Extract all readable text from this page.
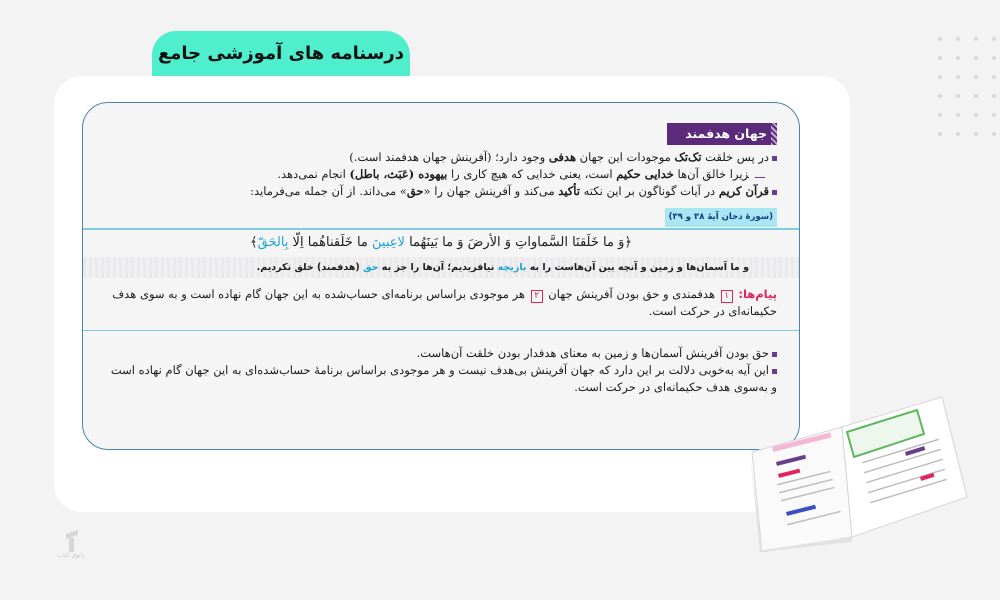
درسنامه های آموزشی جامع
جهان هدفمند
در پس خلقت تک‌تک موجودات این جهان هدفی وجود دارد؛ (آفرینش جهان هدفمند است.)
ـــزیرا خالق آن‌ها خدایی حکیم است، یعنی خدایی که هیچ کاری را بیهوده (عَبَث، باطل) انجام نمی‌دهد.
قرآن کریم در آیات گوناگون بر این نکته تأکید می‌کند و آفرینش جهان را «حق» می‌داند. از آن جمله می‌فرماید:
(سورهٔ دخان آیهٔ ۳۸ و ۳۹)
﴿وَ ما خَلَقنَا السَّماواتِ وَ الأرضَ وَ ما بَینَهُما لاعِبینَ ما خَلَقناهُما اِلّا بِالحَقّ﴾
و ما آسمان‌ها و زمین و آنچه بین آن‌هاست را به بازیچه نیافریدیم؛ آن‌ها را جز به حق (هدفمند) خلق نکردیم.
پیام‌ها: ۱ هدفمندی و حق بودن آفرینش جهان ۲ هر موجودی براساس برنامه‌ای حساب‌شده به این جهان گام نهاده است و به سوی هدف حکیمانه‌ای در حرکت است.
حق بودن آفرینش آسمان‌ها و زمین به معنای هدفدار بودن خلقت آن‌هاست.
این آیه به‌خوبی دلالت بر این دارد که جهان آفرینش بی‌هدف نیست و هر موجودی براساس برنامهٔ حساب‌شده‌ای به این جهان گام نهاده است و به‌سوی هدف حکیمانه‌ای در حرکت است.
پاتوق کتاب
